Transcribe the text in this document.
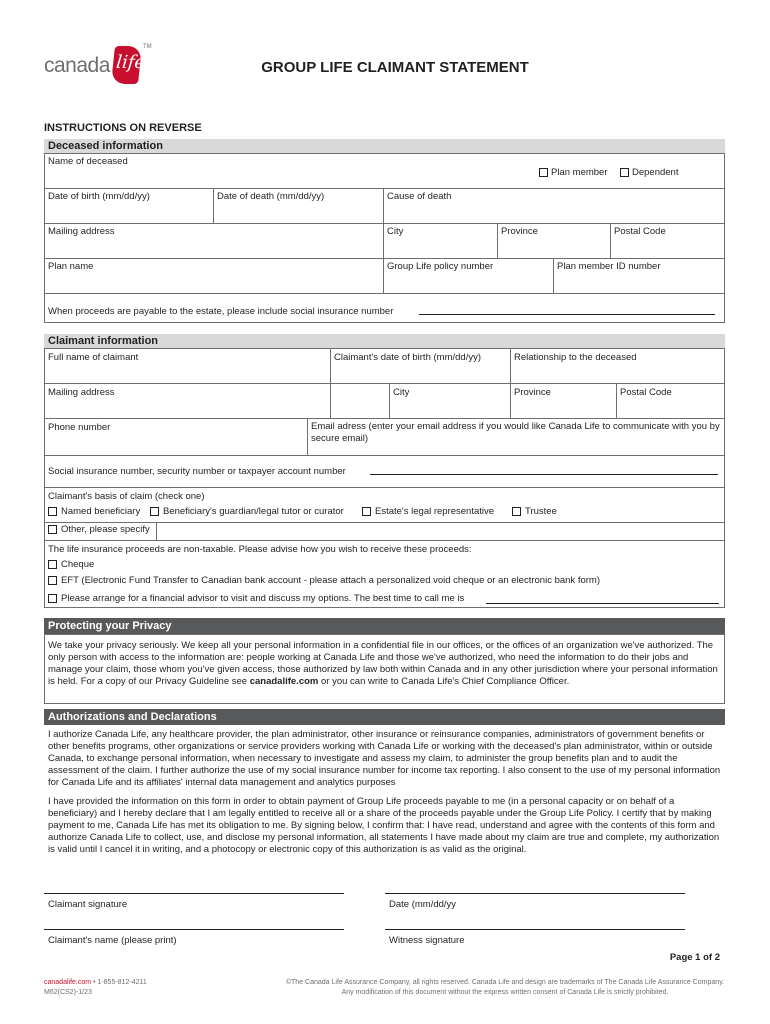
canada life
TM
GROUP LIFE CLAIMANT STATEMENT
INSTRUCTIONS ON REVERSE
Deceased information
Name of deceased
Plan member	Dependent
Date of birth (mm/dd/yy)	Date of death (mm/dd/yy)	Cause of death
Mailing address	City	Province	Postal Code
Plan name	Group Life policy number	Plan member ID number
When proceeds are payable to the estate, please include social insurance number
Claimant information
Full name of claimant	Claimant's date of birth (mm/dd/yy)	Relationship to the deceased
Mailing address	City	Province	Postal Code
Phone number	Email adress (enter your email address if you would like Canada Life to communicate with you by secure email)
Social insurance number, security number or taxpayer account number
Claimant's basis of claim (check one)
Named beneficiary Beneficiary's guardian/legal tutor or curator	Estate's legal representative	Trustee
Other, please specify
The life insurance proceeds are non-taxable. Please advise how you wish to receive these proceeds:
Cheque
EFT (Electronic Fund Transfer to Canadian bank account - please attach a personalized void cheque or an electronic bank form)
Please arrange for a financial advisor to visit and discuss my options. The best time to call me is
Protecting your Privacy
We take your privacy seriously. We keep all your personal information in a confidential file in our offices, or the offices of an organization we've authorized. The only person with access to the information are: people working at Canada Life and those we've authorized, who need the information to do their jobs and manage your claim, those whom you've given access, those authorized by law both within Canada and in any other jurisdiction where your personal information is held. For a copy of our Privacy Guideline see canadalife.com or you can write to Canada Life's Chief Compliance Officer.
Authorizations and Declarations
I authorize Canada Life, any healthcare provider, the plan administrator, other insurance or reinsurance companies, administrators of government benefits or other benefits programs, other organizations or service providers working with Canada Life or working with the deceased's plan administrator, within or outside Canada, to exchange personal information, when necessary to investigate and assess my claim, to administer the group benefits plan and to audit the assessment of the claim. I further authorize the use of my social insurance number for income tax reporting. I also consent to the use of my personal information for Canada Life and its affiliates' internal data management and analytics purposes
I have provided the information on this form in order to obtain payment of Group Life proceeds payable to me (in a personal capacity or on behalf of a beneficiary) and I hereby declare that I am legally entitled to receive all or a share of the proceeds payable under the Group Life Policy. I certify that by making payment to me, Canada Life has met its obligation to me. By signing below, I confirm that: I have read, understand and agree with the contents of this form and authorize Canada Life to collect, use, and disclose my personal information, all statements I have made about my claim are true and complete, my authorization is valid until I cancel it in writing, and a photocopy or electronic copy of this authorization is as valid as the original.
Claimant signature	Date (mm/dd/yy
Claimant's name (please print)	Witness signature
Page 1 of 2
canadalife.com • 1-855-812-4211
M62(CS2)-1/23
©The Canada Life Assurance Company, all rights reserved. Canada Life and design are trademarks of The Canada Life Assurance Company.
Any modification of this document without the express written consent of Canada Life is strictly prohibited.
